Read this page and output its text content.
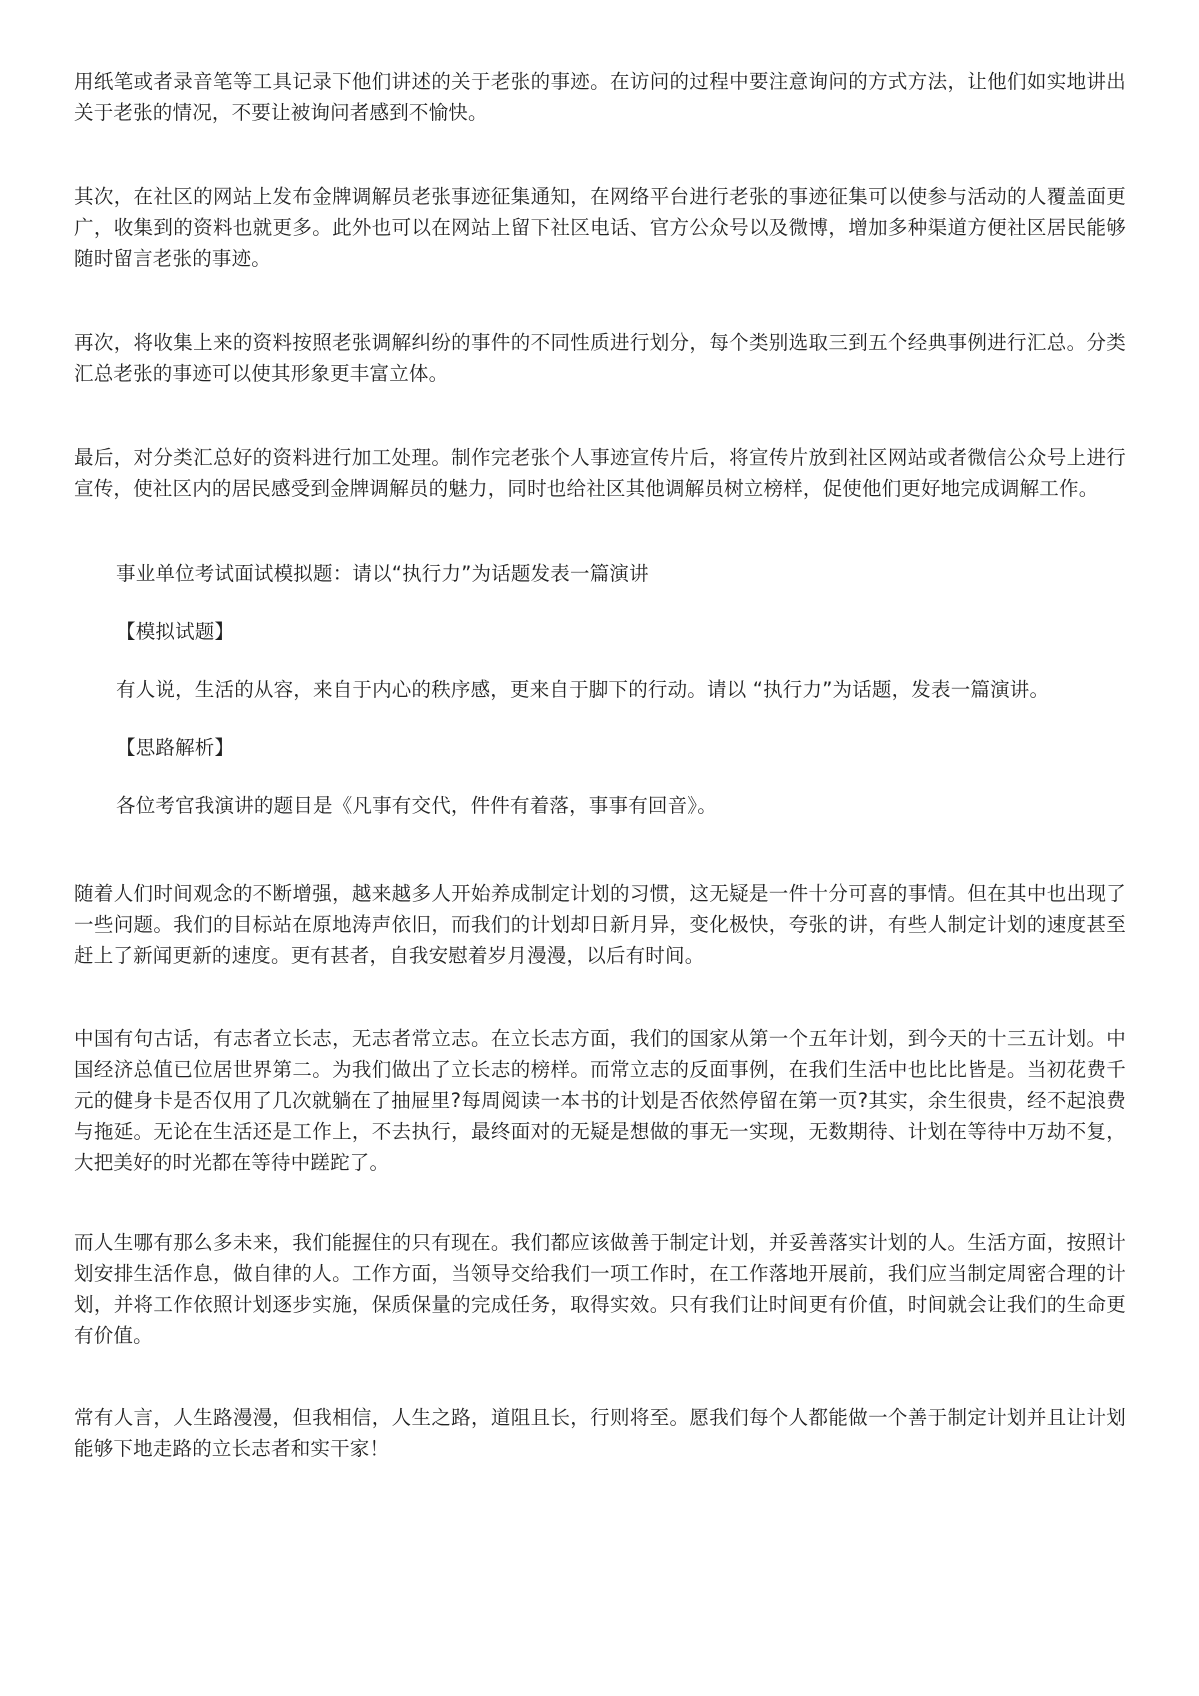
用纸笔或者录音笔等工具记录下他们讲述的关于老张的事迹。在访问的过程中要注意询问的方式方法，让他们如实地讲出关于老张的情况，不要让被询问者感到不愉快。

其次，在社区的网站上发布金牌调解员老张事迹征集通知，在网络平台进行老张的事迹征集可以使参与活动的人覆盖面更广，收集到的资料也就更多。此外也可以在网站上留下社区电话、官方公众号以及微博，增加多种渠道方便社区居民能够随时留言老张的事迹。

再次，将收集上来的资料按照老张调解纠纷的事件的不同性质进行划分，每个类别选取三到五个经典事例进行汇总。分类汇总老张的事迹可以使其形象更丰富立体。

最后，对分类汇总好的资料进行加工处理。制作完老张个人事迹宣传片后，将宣传片放到社区网站或者微信公众号上进行宣传，使社区内的居民感受到金牌调解员的魅力，同时也给社区其他调解员树立榜样，促使他们更好地完成调解工作。

事业单位考试面试模拟题：请以“执行力”为话题发表一篇演讲

【模拟试题】

有人说，生活的从容，来自于内心的秩序感，更来自于脚下的行动。请以 “执行力”为话题，发表一篇演讲。

【思路解析】

各位考官我演讲的题目是《凡事有交代，件件有着落，事事有回音》。

随着人们时间观念的不断增强，越来越多人开始养成制定计划的习惯，这无疑是一件十分可喜的事情。但在其中也出现了一些问题。我们的目标站在原地涛声依旧，而我们的计划却日新月异，变化极快，夸张的讲，有些人制定计划的速度甚至赶上了新闻更新的速度。更有甚者，自我安慰着岁月漫漫，以后有时间。

中国有句古话，有志者立长志，无志者常立志。在立长志方面，我们的国家从第一个五年计划，到今天的十三五计划。中国经济总值已位居世界第二。为我们做出了立长志的榜样。而常立志的反面事例，在我们生活中也比比皆是。当初花费千元的健身卡是否仅用了几次就躺在了抽屉里?每周阅读一本书的计划是否依然停留在第一页?其实，余生很贵，经不起浪费与拖延。无论在生活还是工作上，不去执行，最终面对的无疑是想做的事无一实现，无数期待、计划在等待中万劫不复，大把美好的时光都在等待中蹉跎了。

而人生哪有那么多未来，我们能握住的只有现在。我们都应该做善于制定计划，并妥善落实计划的人。生活方面，按照计划安排生活作息，做自律的人。工作方面，当领导交给我们一项工作时，在工作落地开展前，我们应当制定周密合理的计划，并将工作依照计划逐步实施，保质保量的完成任务，取得实效。只有我们让时间更有价值，时间就会让我们的生命更有价值。

常有人言，人生路漫漫，但我相信，人生之路，道阻且长，行则将至。愿我们每个人都能做一个善于制定计划并且让计划能够下地走路的立长志者和实干家！
